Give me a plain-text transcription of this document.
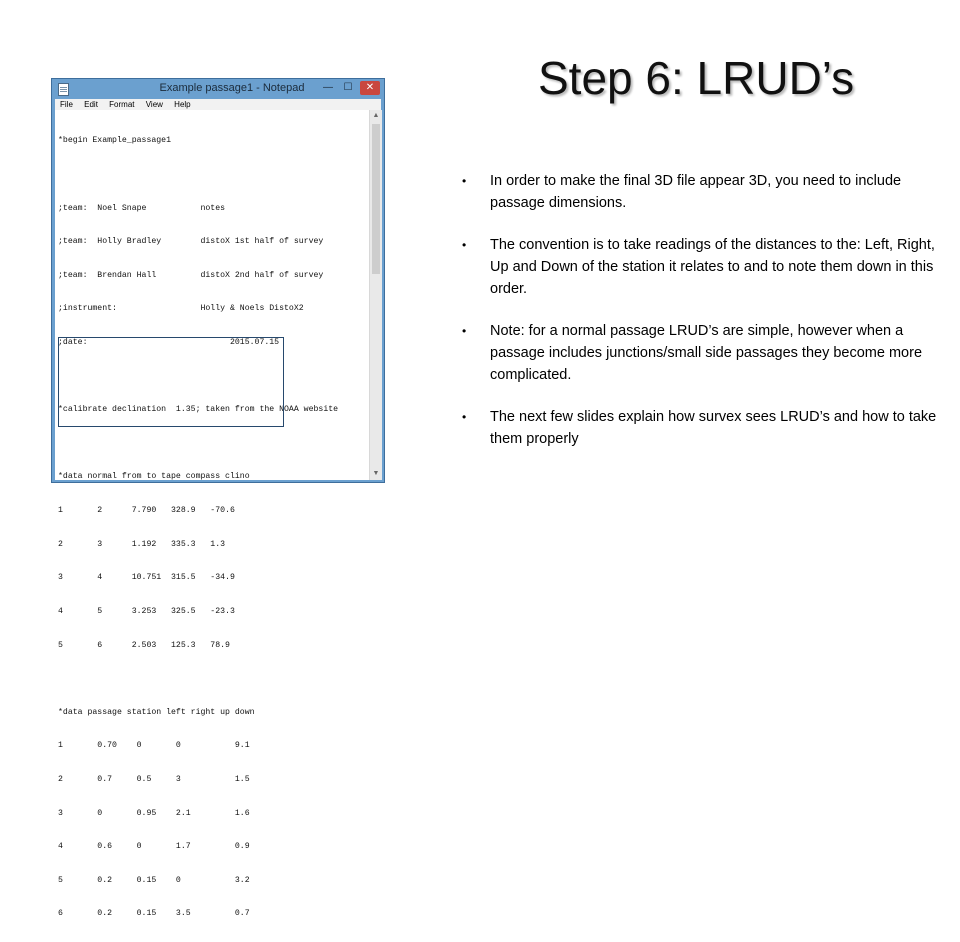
Step 6: LRUD’s
• In order to make the final 3D file appear 3D, you need to include passage dimensions.
• The convention is to take readings of the distances to the: Left, Right, Up and Down of the station it relates to and to note them down in this order.
• Note: for a normal passage LRUD’s are simple, however when a passage includes junctions/small side passages they become more complicated.
• The next few slides explain how survex sees LRUD’s and how to take them properly
Example passage1 - Notepad	—	☐	✕
File Edit Format View Help

*begin Example_passage1

;team:  Noel Snape           notes

;team:  Holly Bradley        distoX 1st half of survey

;team:  Brendan Hall         distoX 2nd half of survey

;instrument:                 Holly & Noels DistoX2

;date:                             2015.07.15

*calibrate declination  1.35; taken from the NOAA website

*data normal from to tape compass clino

1       2      7.790   328.9   -70.6

2       3      1.192   335.3   1.3

3       4      10.751  315.5   -34.9

4       5      3.253   325.5   -23.3

5       6      2.503   125.3   78.9

*data passage station left right up down

1       0.70    0       0           9.1

2       0.7     0.5     3           1.5

3       0       0.95    2.1         1.6

4       0.6     0       1.7         0.9

5       0.2     0.15    0           3.2

6       0.2     0.15    3.5         0.7

▲
▼
